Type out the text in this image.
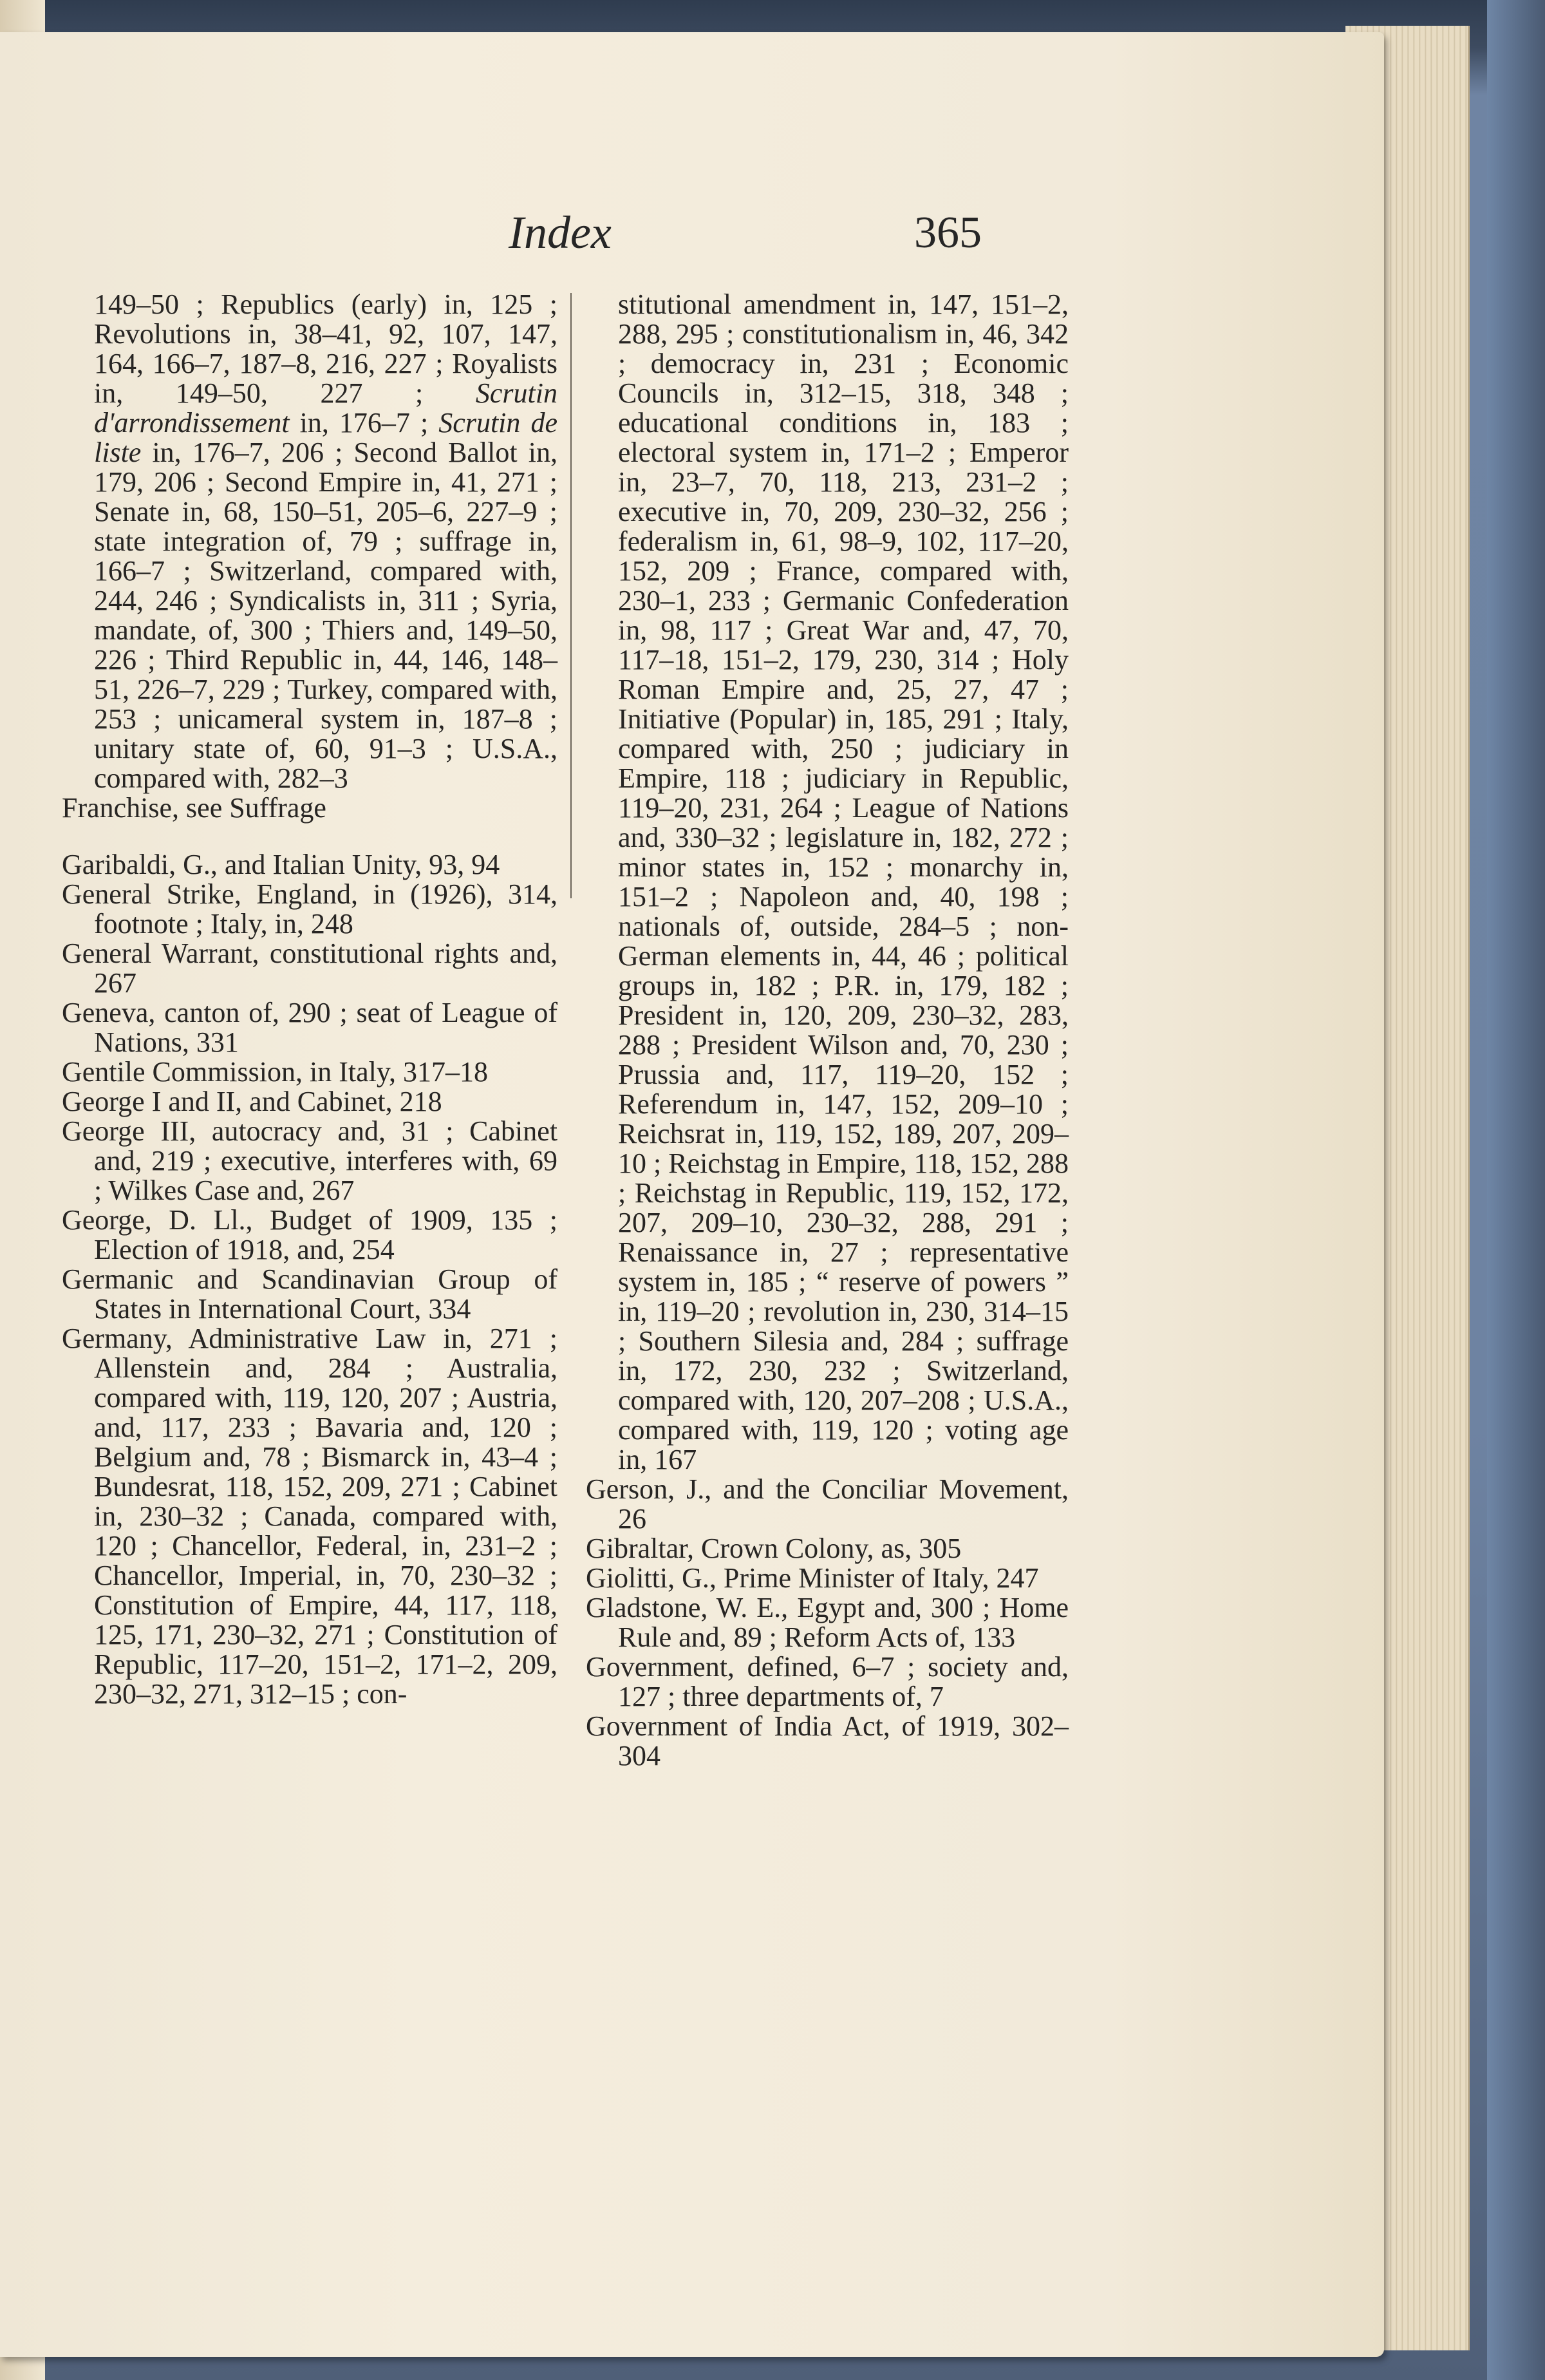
Index	365

149–50 ; Republics (early) in, 125 ; Revolutions in, 38–41, 92, 107, 147, 164, 166–7, 187–8, 216, 227 ; Royalists in, 149–50, 227 ; Scrutin d'arrondissement in, 176–7 ; Scrutin de liste in, 176–7, 206 ; Second Ballot in, 179, 206 ; Second Empire in, 41, 271 ; Senate in, 68, 150–51, 205–6, 227–9 ; state integration of, 79 ; suffrage in, 166–7 ; Switzerland, compared with, 244, 246 ; Syndicalists in, 311 ; Syria, mandate, of, 300 ; Thiers and, 149–50, 226 ; Third Republic in, 44, 146, 148–51, 226–7, 229 ; Turkey, compared with, 253 ; unicameral system in, 187–8 ; unitary state of, 60, 91–3 ; U.S.A., compared with, 282–3

Franchise, see Suffrage

Garibaldi, G., and Italian Unity, 93, 94

General Strike, England, in (1926), 314, footnote ; Italy, in, 248

General Warrant, constitutional rights and, 267

Geneva, canton of, 290 ; seat of League of Nations, 331

Gentile Commission, in Italy, 317–18

George I and II, and Cabinet, 218

George III, autocracy and, 31 ; Cabinet and, 219 ; executive, interferes with, 69 ; Wilkes Case and, 267

George, D. Ll., Budget of 1909, 135 ; Election of 1918, and, 254

Germanic and Scandinavian Group of States in International Court, 334

Germany, Administrative Law in, 271 ; Allenstein and, 284 ; Australia, compared with, 119, 120, 207 ; Austria, and, 117, 233 ; Bavaria and, 120 ; Belgium and, 78 ; Bismarck in, 43–4 ; Bundesrat, 118, 152, 209, 271 ; Cabinet in, 230–32 ; Canada, compared with, 120 ; Chancellor, Federal, in, 231–2 ; Chancellor, Imperial, in, 70, 230–32 ; Constitution of Empire, 44, 117, 118, 125, 171, 230–32, 271 ; Constitution of Republic, 117–20, 151–2, 171–2, 209, 230–32, 271, 312–15 ; con-

stitutional amendment in, 147, 151–2, 288, 295 ; constitutionalism in, 46, 342 ; democracy in, 231 ; Economic Councils in, 312–15, 318, 348 ; educational conditions in, 183 ; electoral system in, 171–2 ; Emperor in, 23–7, 70, 118, 213, 231–2 ; executive in, 70, 209, 230–32, 256 ; federalism in, 61, 98–9, 102, 117–20, 152, 209 ; France, compared with, 230–1, 233 ; Germanic Confederation in, 98, 117 ; Great War and, 47, 70, 117–18, 151–2, 179, 230, 314 ; Holy Roman Empire and, 25, 27, 47 ; Initiative (Popular) in, 185, 291 ; Italy, compared with, 250 ; judiciary in Empire, 118 ; judiciary in Republic, 119–20, 231, 264 ; League of Nations and, 330–32 ; legislature in, 182, 272 ; minor states in, 152 ; monarchy in, 151–2 ; Napoleon and, 40, 198 ; nationals of, outside, 284–5 ; non-German elements in, 44, 46 ; political groups in, 182 ; P.R. in, 179, 182 ; President in, 120, 209, 230–32, 283, 288 ; President Wilson and, 70, 230 ; Prussia and, 117, 119–20, 152 ; Referendum in, 147, 152, 209–10 ; Reichsrat in, 119, 152, 189, 207, 209–10 ; Reichstag in Empire, 118, 152, 288 ; Reichstag in Republic, 119, 152, 172, 207, 209–10, 230–32, 288, 291 ; Renaissance in, 27 ; representative system in, 185 ; “ reserve of powers ” in, 119–20 ; revolution in, 230, 314–15 ; Southern Silesia and, 284 ; suffrage in, 172, 230, 232 ; Switzerland, compared with, 120, 207–208 ; U.S.A., compared with, 119, 120 ; voting age in, 167

Gerson, J., and the Conciliar Movement, 26

Gibraltar, Crown Colony, as, 305

Giolitti, G., Prime Minister of Italy, 247

Gladstone, W. E., Egypt and, 300 ; Home Rule and, 89 ; Reform Acts of, 133

Government, defined, 6–7 ; society and, 127 ; three departments of, 7

Government of India Act, of 1919, 302–304
